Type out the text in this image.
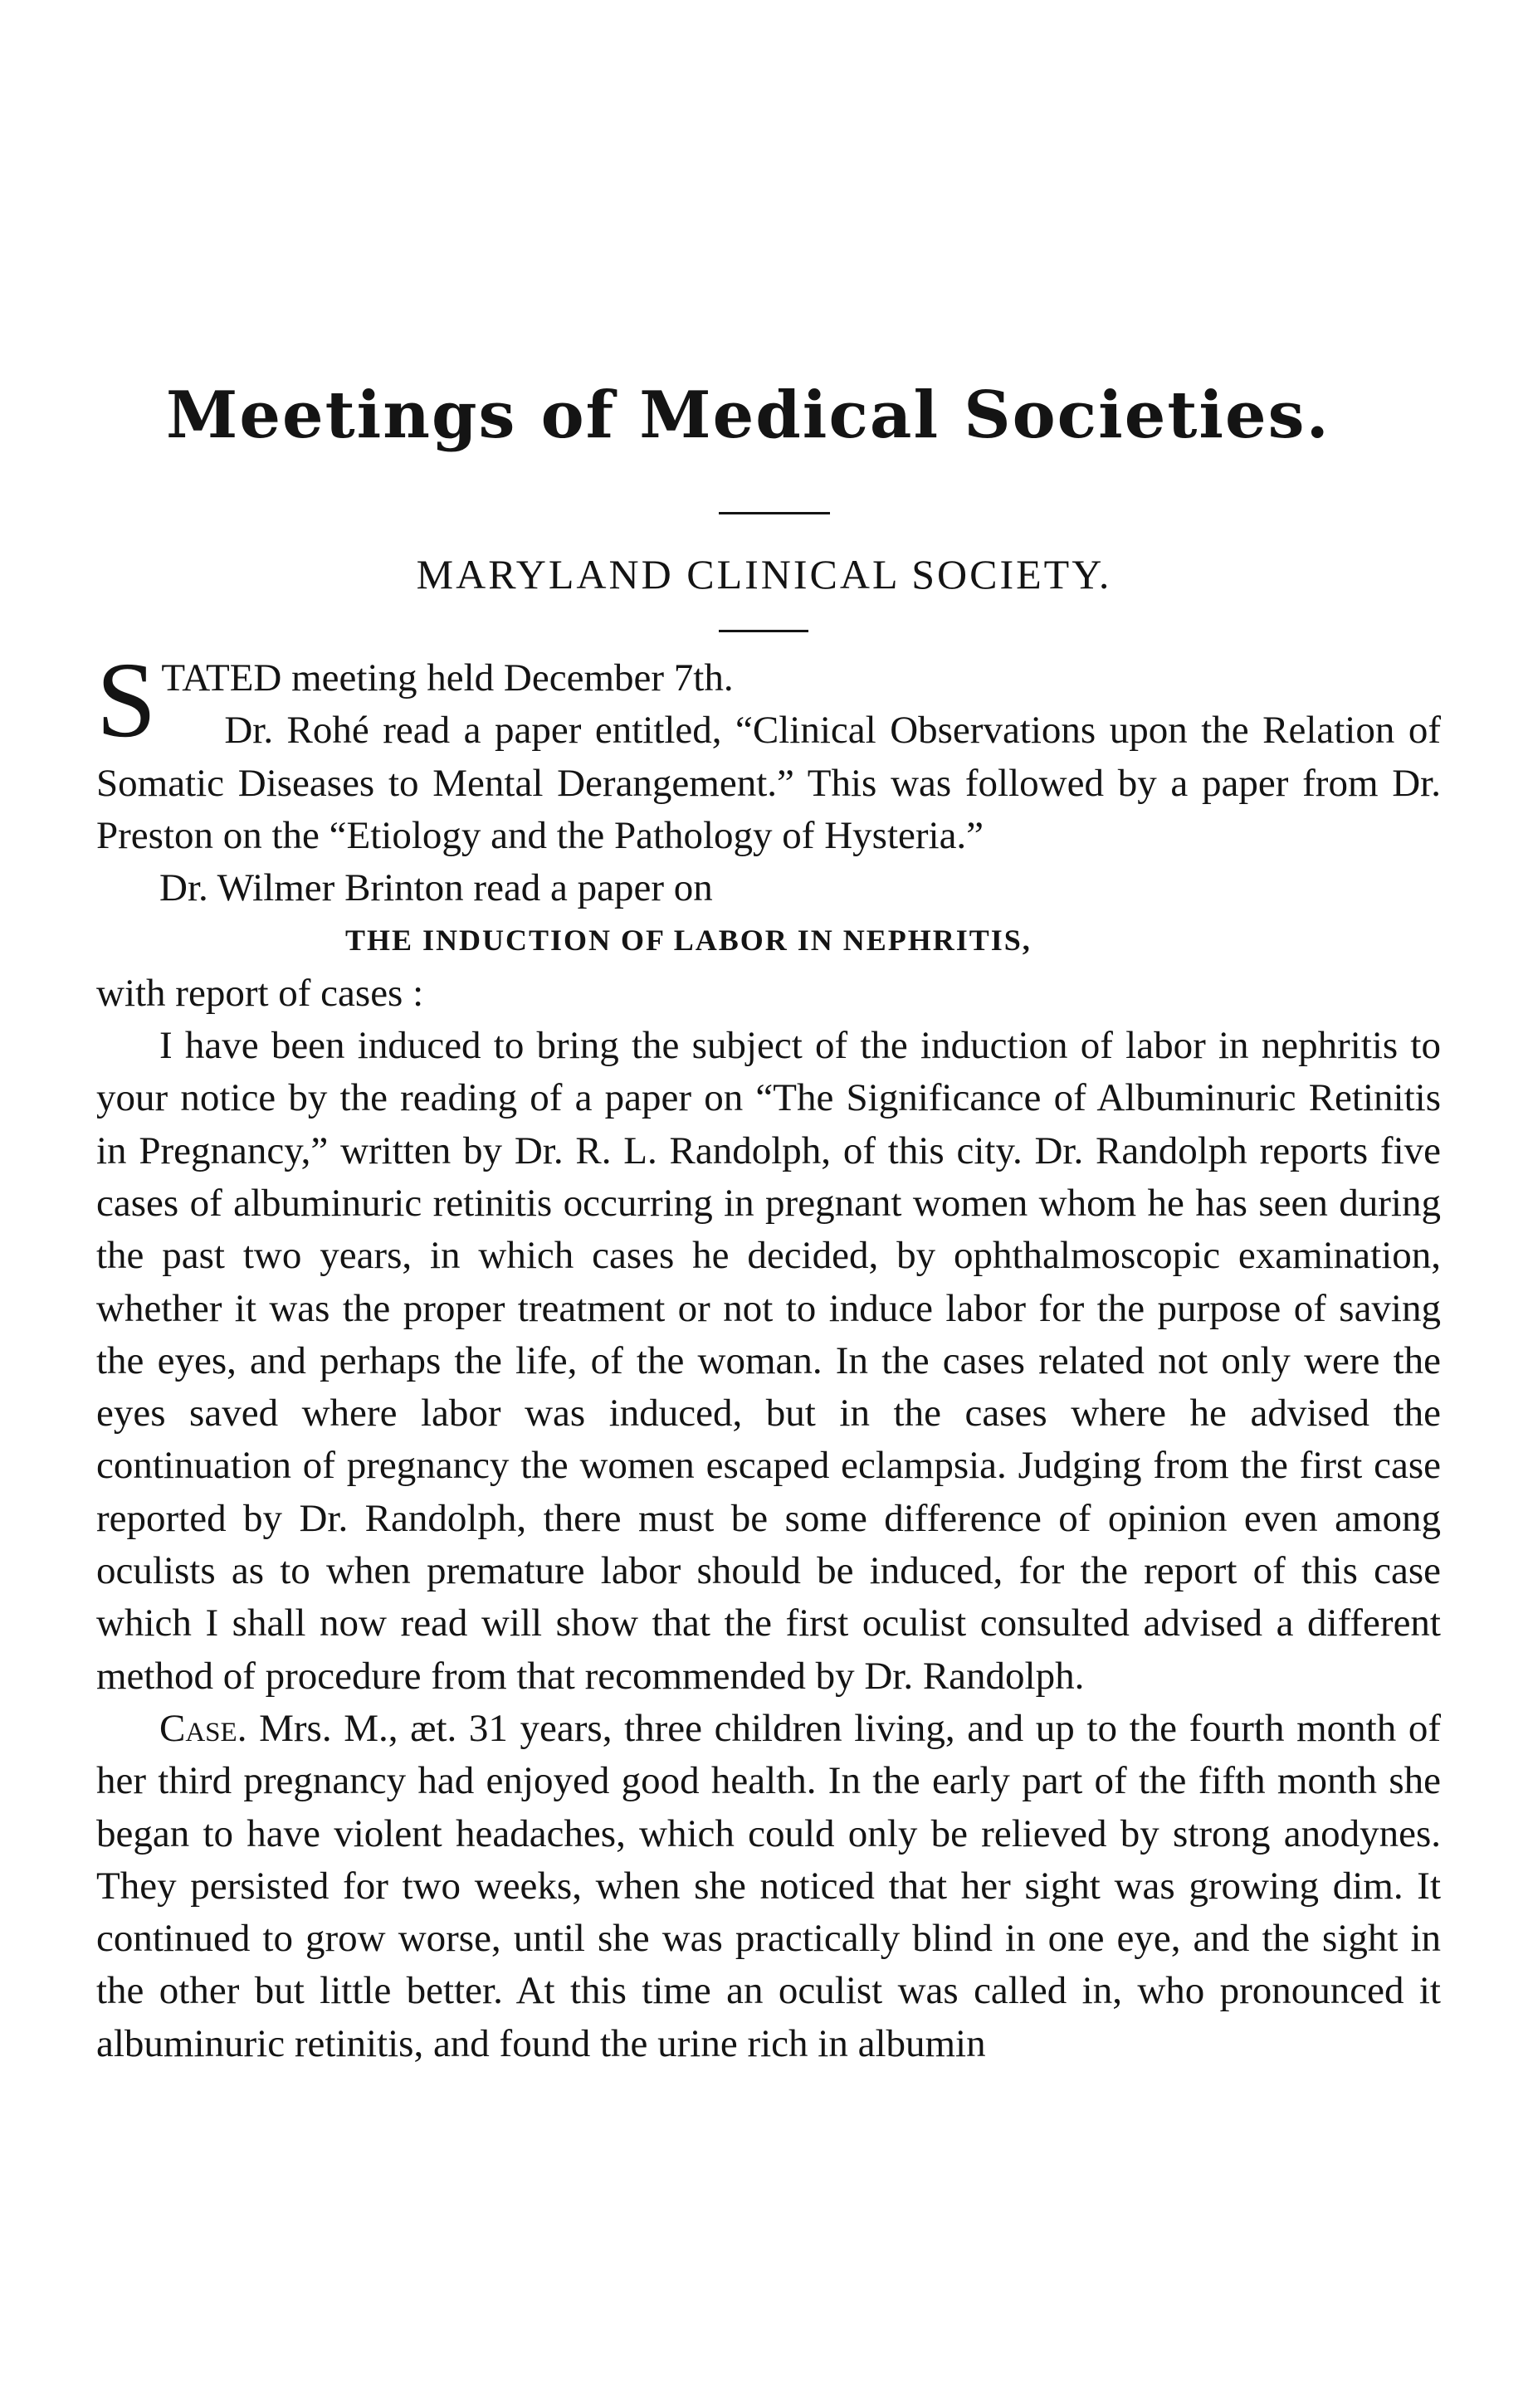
Meetings of Medical Societies.
MARYLAND CLINICAL SOCIETY.

STATED meeting held December 7th.

Dr. Rohé read a paper entitled, “Clinical Observations upon the Relation of Somatic Diseases to Mental Derangement.” This was followed by a paper from Dr. Preston on the “Etiology and the Pathology of Hysteria.”

Dr. Wilmer Brinton read a paper on

THE INDUCTION OF LABOR IN NEPHRITIS,

with report of cases :

I have been induced to bring the subject of the induction of labor in nephritis to your notice by the reading of a paper on “The Significance of Albuminuric Retinitis in Pregnancy,” written by Dr. R. L. Randolph, of this city. Dr. Randolph reports five cases of albuminuric retinitis occurring in pregnant women whom he has seen during the past two years, in which cases he decided, by ophthalmoscopic examination, whether it was the proper treatment or not to induce labor for the purpose of saving the eyes, and perhaps the life, of the woman. In the cases related not only were the eyes saved where labor was induced, but in the cases where he advised the continuation of pregnancy the women escaped eclampsia. Judging from the first case reported by Dr. Randolph, there must be some difference of opinion even among oculists as to when premature labor should be induced, for the report of this case which I shall now read will show that the first oculist consulted advised a different method of procedure from that recommended by Dr. Randolph.

Case. Mrs. M., æt. 31 years, three children living, and up to the fourth month of her third pregnancy had enjoyed good health. In the early part of the fifth month she began to have violent headaches, which could only be relieved by strong anodynes. They persisted for two weeks, when she noticed that her sight was growing dim. It continued to grow worse, until she was practically blind in one eye, and the sight in the other but little better. At this time an oculist was called in, who pronounced it albuminuric retinitis, and found the urine rich in albumin
